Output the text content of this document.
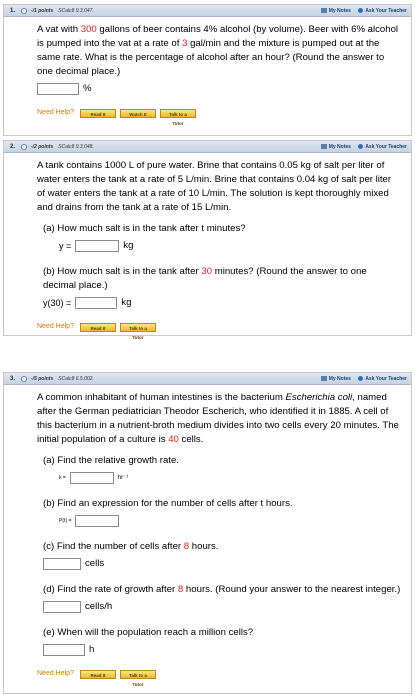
1.	-/1 points SCalc8 9.3.047.	My Notes	Ask Your Teacher

A vat with 300 gallons of beer contains 4% alcohol (by volume). Beer with 6% alcohol is pumped into the vat at a rate of 3 gal/min and the mixture is pumped out at the same rate. What is the percentage of alcohol after an hour? (Round the answer to one decimal place.)

%
Need Help?	Read It	Watch It	Talk to a Tutor
2.	-/2 points SCalc8 9.3.048.	My Notes	Ask Your Teacher

A tank contains 1000 L of pure water. Brine that contains 0.05 kg of salt per liter of water enters the tank at a rate of 5 L/min. Brine that contains 0.04 kg of salt per liter of water enters the tank at a rate of 10 L/min. The solution is kept thoroughly mixed and drains from the tank at a rate of 15 L/min.

(a) How much salt is in the tank after t minutes?

y =	kg

(b) How much salt is in the tank after 30 minutes? (Round the answer to one decimal place.)

y(30) =	kg
Need Help?	Read It	Talk to a Tutor
3.	-/5 points SCalc8 6.5.002.	My Notes	Ask Your Teacher

A common inhabitant of human intestines is the bacterium Escherichia coli, named after the German pediatrician Theodor Escherich, who identified it in 1885. A cell of this bacterium in a nutrient-broth medium divides into two cells every 20 minutes. The initial population of a culture is 40 cells.

(a) Find the relative growth rate.

k =	hr⁻¹

(b) Find an expression for the number of cells after t hours.

P(t) =

(c) Find the number of cells after 8 hours.

cells

(d) Find the rate of growth after 8 hours. (Round your answer to the nearest integer.)

cells/h

(e) When will the population reach a million cells?

h
Need Help?	Read It	Talk to a Tutor
